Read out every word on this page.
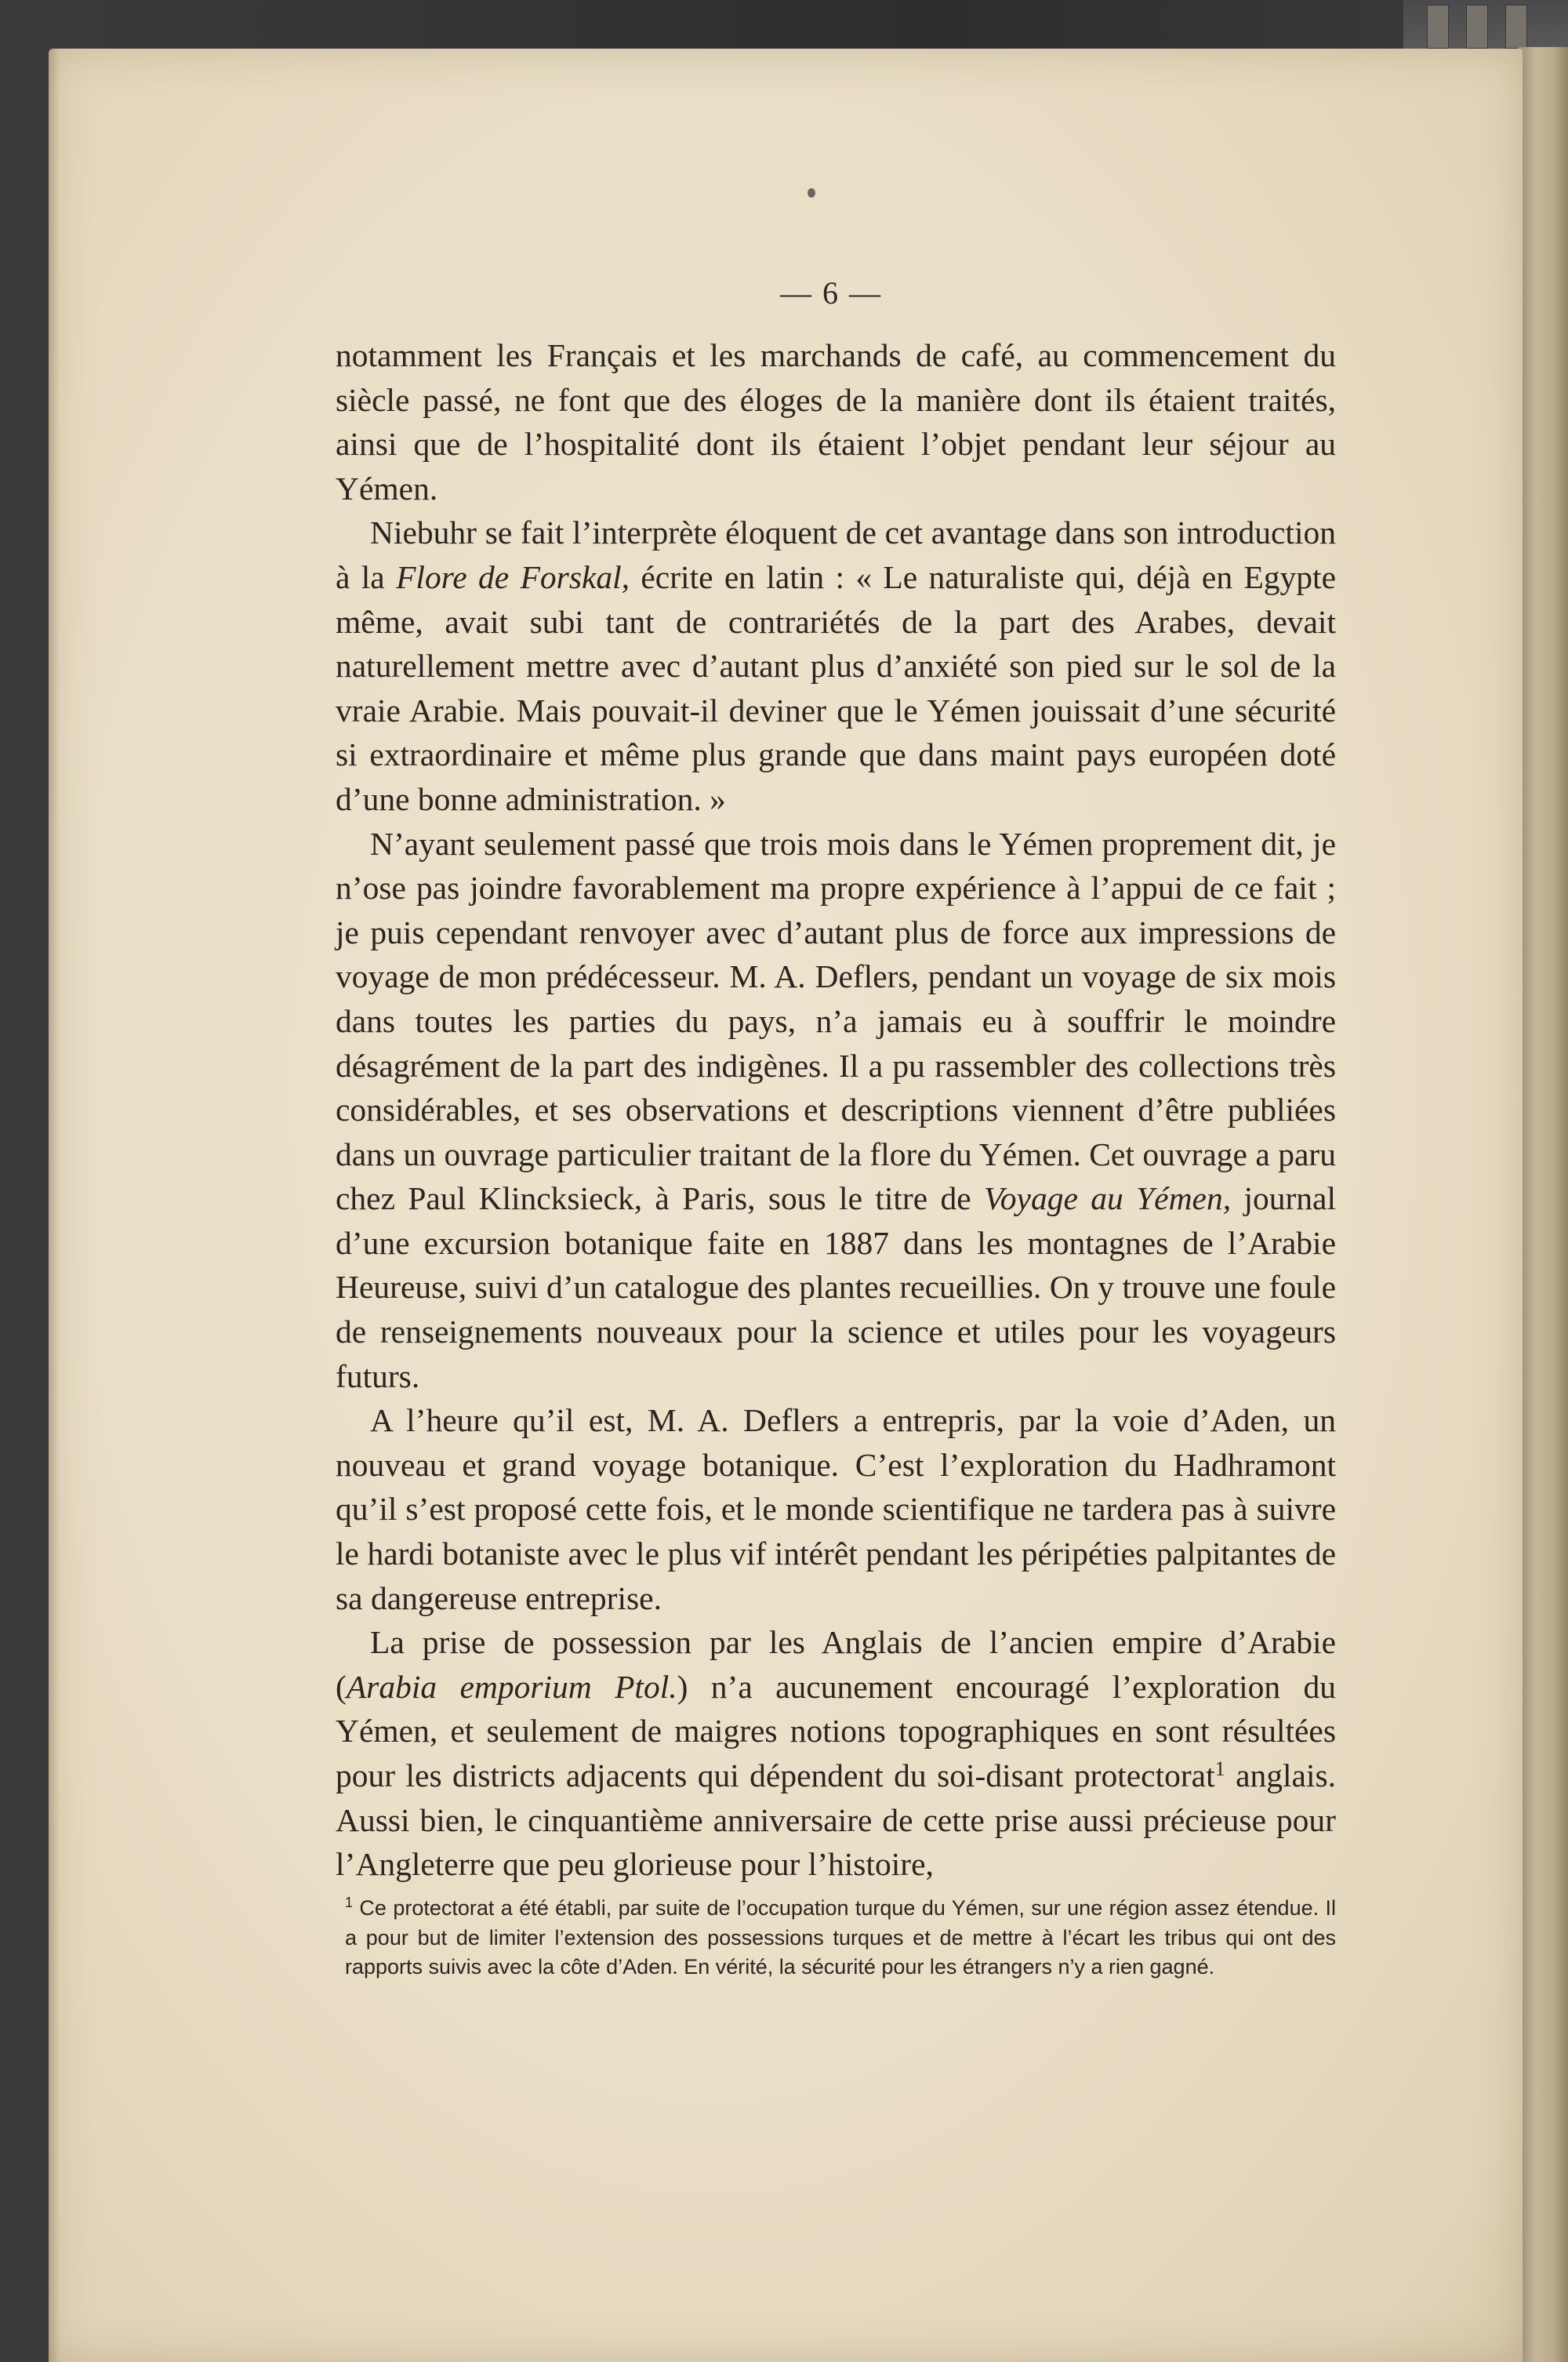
— 6 —

notamment les Français et les marchands de café, au commencement du siècle passé, ne font que des éloges de la manière dont ils étaient traités, ainsi que de l’hospitalité dont ils étaient l’objet pendant leur séjour au Yémen.

Niebuhr se fait l’interprète éloquent de cet avantage dans son introduction à la Flore de Forskal, écrite en latin : « Le naturaliste qui, déjà en Egypte même, avait subi tant de contrariétés de la part des Arabes, devait naturellement mettre avec d’autant plus d’anxiété son pied sur le sol de la vraie Arabie. Mais pouvait-il deviner que le Yémen jouissait d’une sécurité si extraordinaire et même plus grande que dans maint pays européen doté d’une bonne administration. »

N’ayant seulement passé que trois mois dans le Yémen proprement dit, je n’ose pas joindre favorablement ma propre expérience à l’appui de ce fait ; je puis cependant renvoyer avec d’autant plus de force aux impressions de voyage de mon prédécesseur. M. A. Deflers, pendant un voyage de six mois dans toutes les parties du pays, n’a jamais eu à souffrir le moindre désagrément de la part des indigènes. Il a pu rassembler des collections très considérables, et ses observations et descriptions viennent d’être publiées dans un ouvrage particulier traitant de la flore du Yémen. Cet ouvrage a paru chez Paul Klincksieck, à Paris, sous le titre de Voyage au Yémen, journal d’une excursion botanique faite en 1887 dans les montagnes de l’Arabie Heureuse, suivi d’un catalogue des plantes recueillies. On y trouve une foule de renseignements nouveaux pour la science et utiles pour les voyageurs futurs.

A l’heure qu’il est, M. A. Deflers a entrepris, par la voie d’Aden, un nouveau et grand voyage botanique. C’est l’exploration du Hadhramont qu’il s’est proposé cette fois, et le monde scientifique ne tardera pas à suivre le hardi botaniste avec le plus vif intérêt pendant les péripéties palpitantes de sa dangereuse entreprise.

La prise de possession par les Anglais de l’ancien empire d’Arabie (Arabia emporium Ptol.) n’a aucunement encouragé l’exploration du Yémen, et seulement de maigres notions topographiques en sont résultées pour les districts adjacents qui dépendent du soi-disant protectorat$^1$ anglais. Aussi bien, le cinquantième anniversaire de cette prise aussi précieuse pour l’Angleterre que peu glorieuse pour l’histoire,

$^1$ Ce protectorat a été établi, par suite de l’occupation turque du Yémen, sur une région assez étendue. Il a pour but de limiter l’extension des possessions turques et de mettre à l’écart les tribus qui ont des rapports suivis avec la côte d’Aden. En vérité, la sécurité pour les étrangers n’y a rien gagné.
